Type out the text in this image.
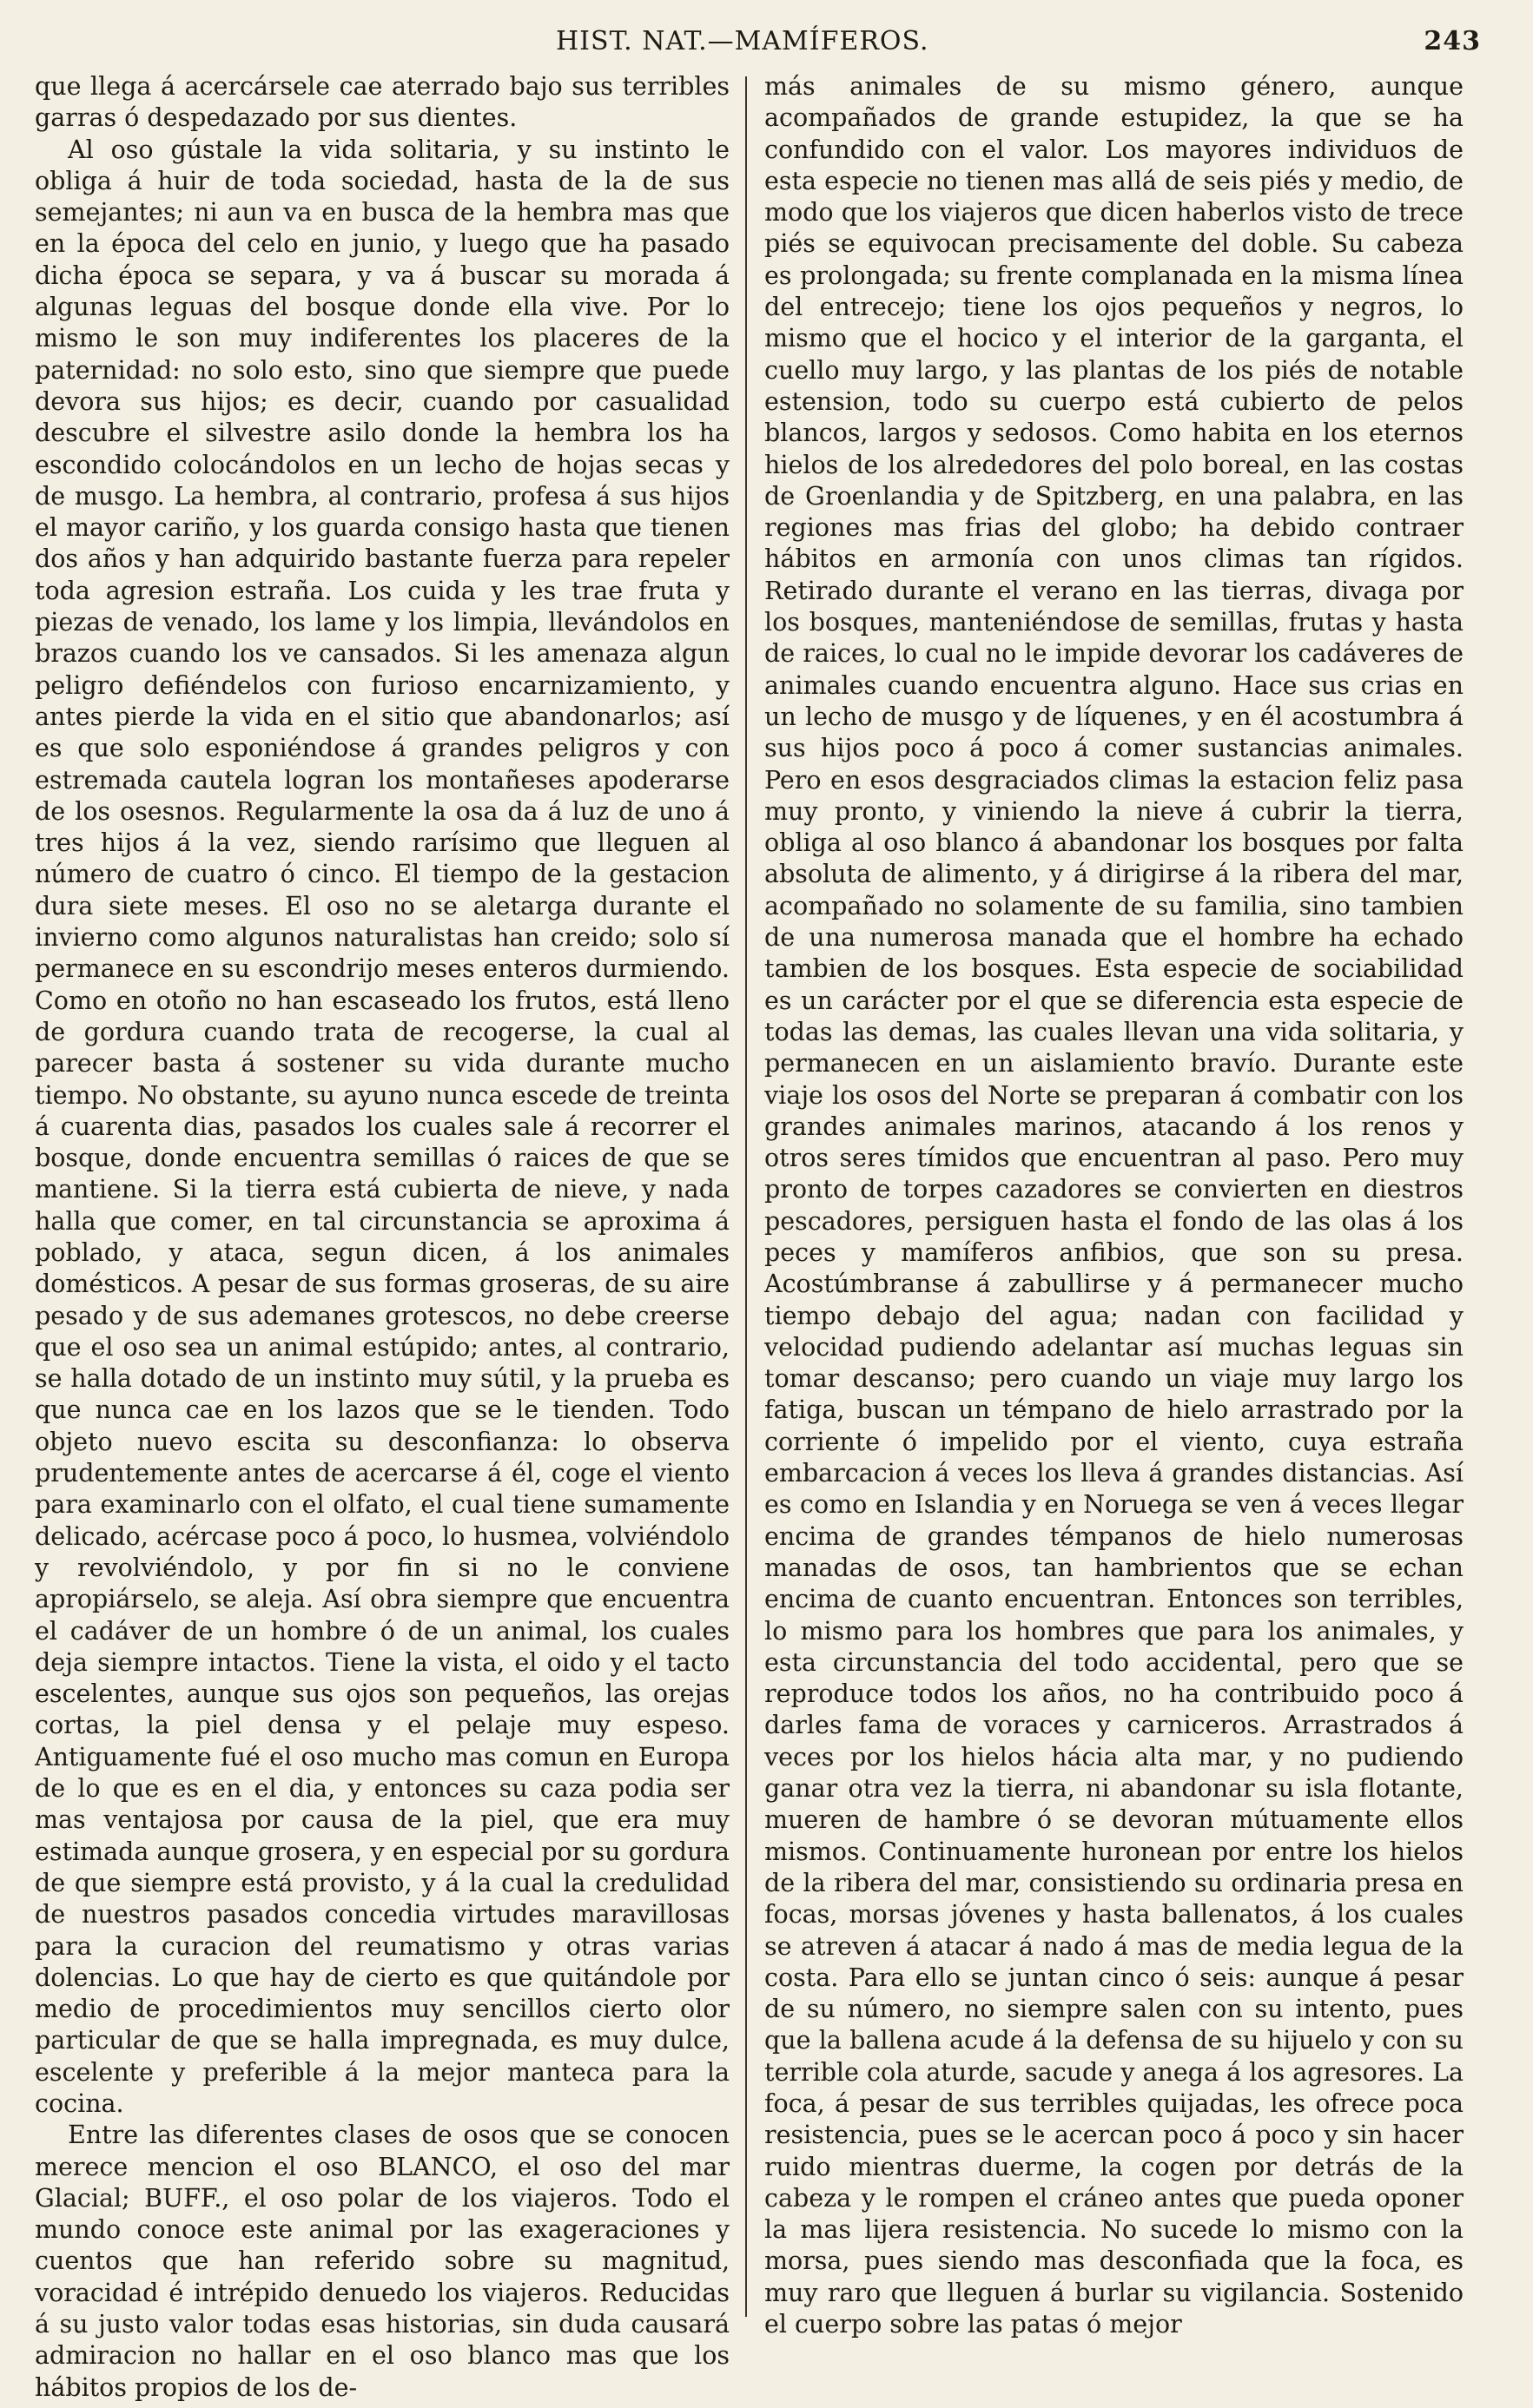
HIST. NAT.—MAMÍFEROS.	243

que llega á acercársele cae aterrado bajo sus terribles garras ó despedazado por sus dientes.

Al oso gústale la vida solitaria, y su instinto le obliga á huir de toda sociedad, hasta de la de sus semejantes; ni aun va en busca de la hembra mas que en la época del celo en junio, y luego que ha pasado dicha época se separa, y va á buscar su morada á algunas leguas del bosque donde ella vive. Por lo mismo le son muy indiferentes los placeres de la paternidad: no solo esto, sino que siempre que puede devora sus hijos; es decir, cuando por casualidad descubre el silvestre asilo donde la hembra los ha escondido colocándolos en un lecho de hojas secas y de musgo. La hembra, al contrario, profesa á sus hijos el mayor cariño, y los guarda consigo hasta que tienen dos años y han adquirido bastante fuerza para repeler toda agresion estraña. Los cuida y les trae fruta y piezas de venado, los lame y los limpia, llevándolos en brazos cuando los ve cansados. Si les amenaza algun peligro defiéndelos con furioso encarnizamiento, y antes pierde la vida en el sitio que abandonarlos; así es que solo esponiéndose á grandes peligros y con estremada cautela logran los montañeses apoderarse de los osesnos. Regularmente la osa da á luz de uno á tres hijos á la vez, siendo rarísimo que lleguen al número de cuatro ó cinco. El tiempo de la gestacion dura siete meses. El oso no se aletarga durante el invierno como algunos naturalistas han creido; solo sí permanece en su escondrijo meses enteros durmiendo. Como en otoño no han escaseado los frutos, está lleno de gordura cuando trata de recogerse, la cual al parecer basta á sostener su vida durante mucho tiempo. No obstante, su ayuno nunca escede de treinta á cuarenta dias, pasados los cuales sale á recorrer el bosque, donde encuentra semillas ó raices de que se mantiene. Si la tierra está cubierta de nieve, y nada halla que comer, en tal circunstancia se aproxima á poblado, y ataca, segun dicen, á los animales domésticos. A pesar de sus formas groseras, de su aire pesado y de sus ademanes grotescos, no debe creerse que el oso sea un animal estúpido; antes, al contrario, se halla dotado de un instinto muy sútil, y la prueba es que nunca cae en los lazos que se le tienden. Todo objeto nuevo escita su desconfianza: lo observa prudentemente antes de acercarse á él, coge el viento para examinarlo con el olfato, el cual tiene sumamente delicado, acércase poco á poco, lo husmea, volviéndolo y revolviéndolo, y por fin si no le conviene apropiárselo, se aleja. Así obra siempre que encuentra el cadáver de un hombre ó de un animal, los cuales deja siempre intactos. Tiene la vista, el oido y el tacto escelentes, aunque sus ojos son pequeños, las orejas cortas, la piel densa y el pelaje muy espeso. Antiguamente fué el oso mucho mas comun en Europa de lo que es en el dia, y entonces su caza podia ser mas ventajosa por causa de la piel, que era muy estimada aunque grosera, y en especial por su gordura de que siempre está provisto, y á la cual la credulidad de nuestros pasados concedia virtudes maravillosas para la curacion del reumatismo y otras varias dolencias. Lo que hay de cierto es que quitándole por medio de procedimientos muy sencillos cierto olor particular de que se halla impregnada, es muy dulce, escelente y preferible á la mejor manteca para la cocina.

Entre las diferentes clases de osos que se conocen merece mencion el oso BLANCO, el oso del mar Glacial; BUFF., el oso polar de los viajeros. Todo el mundo conoce este animal por las exageraciones y cuentos que han referido sobre su magnitud, voracidad é intrépido denuedo los viajeros. Reducidas á su justo valor todas esas historias, sin duda causará admiracion no hallar en el oso blanco mas que los hábitos propios de los de-

más animales de su mismo género, aunque acompañados de grande estupidez, la que se ha confundido con el valor. Los mayores individuos de esta especie no tienen mas allá de seis piés y medio, de modo que los viajeros que dicen haberlos visto de trece piés se equivocan precisamente del doble. Su cabeza es prolongada; su frente complanada en la misma línea del entrecejo; tiene los ojos pequeños y negros, lo mismo que el hocico y el interior de la garganta, el cuello muy largo, y las plantas de los piés de notable estension, todo su cuerpo está cubierto de pelos blancos, largos y sedosos. Como habita en los eternos hielos de los alrededores del polo boreal, en las costas de Groenlandia y de Spitzberg, en una palabra, en las regiones mas frias del globo; ha debido contraer hábitos en armonía con unos climas tan rígidos. Retirado durante el verano en las tierras, divaga por los bosques, manteniéndose de semillas, frutas y hasta de raices, lo cual no le impide devorar los cadáveres de animales cuando encuentra alguno. Hace sus crias en un lecho de musgo y de líquenes, y en él acostumbra á sus hijos poco á poco á comer sustancias animales. Pero en esos desgraciados climas la estacion feliz pasa muy pronto, y viniendo la nieve á cubrir la tierra, obliga al oso blanco á abandonar los bosques por falta absoluta de alimento, y á dirigirse á la ribera del mar, acompañado no solamente de su familia, sino tambien de una numerosa manada que el hombre ha echado tambien de los bosques. Esta especie de sociabilidad es un carácter por el que se diferencia esta especie de todas las demas, las cuales llevan una vida solitaria, y permanecen en un aislamiento bravío. Durante este viaje los osos del Norte se preparan á combatir con los grandes animales marinos, atacando á los renos y otros seres tímidos que encuentran al paso. Pero muy pronto de torpes cazadores se convierten en diestros pescadores, persiguen hasta el fondo de las olas á los peces y mamíferos anfibios, que son su presa. Acostúmbranse á zabullirse y á permanecer mucho tiempo debajo del agua; nadan con facilidad y velocidad pudiendo adelantar así muchas leguas sin tomar descanso; pero cuando un viaje muy largo los fatiga, buscan un témpano de hielo arrastrado por la corriente ó impelido por el viento, cuya estraña embarcacion á veces los lleva á grandes distancias. Así es como en Islandia y en Noruega se ven á veces llegar encima de grandes témpanos de hielo numerosas manadas de osos, tan hambrientos que se echan encima de cuanto encuentran. Entonces son terribles, lo mismo para los hombres que para los animales, y esta circunstancia del todo accidental, pero que se reproduce todos los años, no ha contribuido poco á darles fama de voraces y carniceros. Arrastrados á veces por los hielos hácia alta mar, y no pudiendo ganar otra vez la tierra, ni abandonar su isla flotante, mueren de hambre ó se devoran mútuamente ellos mismos. Continuamente huronean por entre los hielos de la ribera del mar, consistiendo su ordinaria presa en focas, morsas jóvenes y hasta ballenatos, á los cuales se atreven á atacar á nado á mas de media legua de la costa. Para ello se juntan cinco ó seis: aunque á pesar de su número, no siempre salen con su intento, pues que la ballena acude á la defensa de su hijuelo y con su terrible cola aturde, sacude y anega á los agresores. La foca, á pesar de sus terribles quijadas, les ofrece poca resistencia, pues se le acercan poco á poco y sin hacer ruido mientras duerme, la cogen por detrás de la cabeza y le rompen el cráneo antes que pueda oponer la mas lijera resistencia. No sucede lo mismo con la morsa, pues siendo mas desconfiada que la foca, es muy raro que lleguen á burlar su vigilancia. Sostenido el cuerpo sobre las patas ó mejor
